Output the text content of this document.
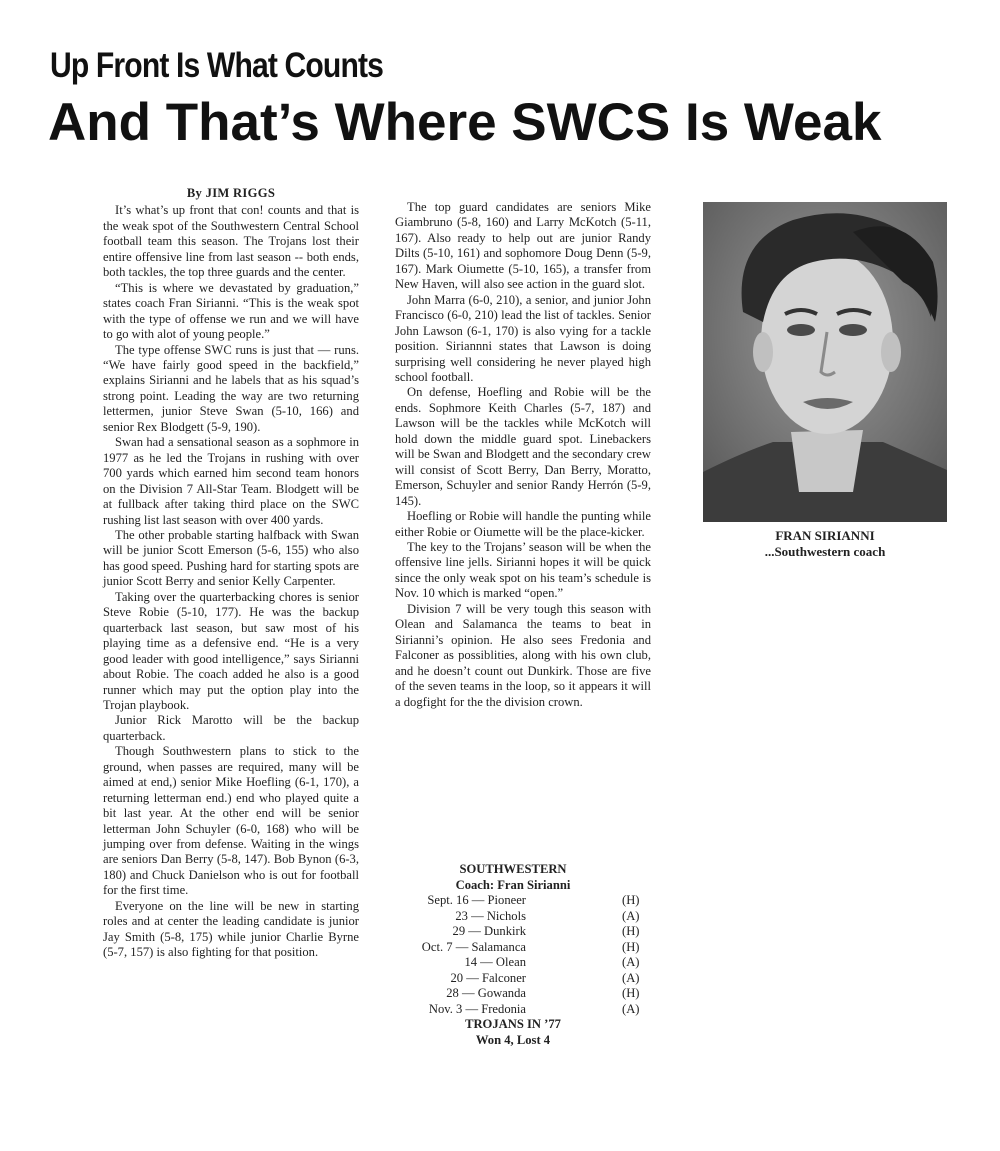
Up Front Is What Counts
And That’s Where SWCS Is Weak
By JIM RIGGS

It’s what’s up front that con! counts and that is the weak spot of the Southwestern Central School football team this season. The Trojans lost their entire offensive line from last season -- both ends, both tackles, the top three guards and the center.

“This is where we devastated by graduation,” states coach Fran Sirianni. “This is the weak spot with the type of offense we run and we will have to go with alot of young people.”

The type offense SWC runs is just that — runs. “We have fairly good speed in the backfield,” explains Sirianni and he labels that as his squad’s strong point. Leading the way are two returning lettermen, junior Steve Swan (5-10, 166) and senior Rex Blodgett (5-9, 190).

Swan had a sensational season as a sophmore in 1977 as he led the Trojans in rushing with over 700 yards which earned him second team honors on the Division 7 All-Star Team. Blodgett will be at fullback after taking third place on the SWC rushing list last season with over 400 yards.

The other probable starting halfback with Swan will be junior Scott Emerson (5-6, 155) who also has good speed. Pushing hard for starting spots are junior Scott Berry and senior Kelly Carpenter.

Taking over the quarterbacking chores is senior Steve Robie (5-10, 177). He was the backup quarterback last season, but saw most of his playing time as a defensive end. “He is a very good leader with good intelligence,” says Sirianni about Robie. The coach added he also is a good runner which may put the option play into the Trojan playbook.

Junior Rick Marotto will be the backup quarterback.

Though Southwestern plans to stick to the ground, when passes are required, many will be aimed at end,) senior Mike Hoefling (6-1, 170), a returning letterman end.) end who played quite a bit last year. At the other end will be senior letterman John Schuyler (6-0, 168) who will be jumping over from defense. Waiting in the wings are seniors Dan Berry (5-8, 147). Bob Bynon (6-3, 180) and Chuck Danielson who is out for football for the first time.

Everyone on the line will be new in starting roles and at center the leading candidate is junior Jay Smith (5-8, 175) while junior Charlie Byrne (5-7, 157) is also fighting for that position.

The top guard candidates are seniors Mike Giambruno (5-8, 160) and Larry McKotch (5-11, 167). Also ready to help out are junior Randy Dilts (5-10, 161) and sophomore Doug Denn (5-9, 167). Mark Oiumette (5-10, 165), a transfer from New Haven, will also see action in the guard slot.

John Marra (6-0, 210), a senior, and junior John Francisco (6-0, 210) lead the list of tackles. Senior John Lawson (6-1, 170) is also vying for a tackle position. Siriannni states that Lawson is doing surprising well considering he never played high school football.

On defense, Hoefling and Robie will be the ends. Sophmore Keith Charles (5-7, 187) and Lawson will be the tackles while McKotch will hold down the middle guard spot. Linebackers will be Swan and Blodgett and the secondary crew will consist of Scott Berry, Dan Berry, Moratto, Emerson, Schuyler and senior Randy Herrón (5-9, 145).

Hoefling or Robie will handle the punting while either Robie or Oiumette will be the place-kicker.

The key to the Trojans’ season will be when the offensive line jells. Sirianni hopes it will be quick since the only weak spot on his team’s schedule is Nov. 10 which is marked “open.”

Division 7 will be very tough this season with Olean and Salamanca the teams to beat in Sirianni’s opinion. He also sees Fredonia and Falconer as possiblities, along with his own club, and he doesn’t count out Dunkirk. Those are five of the seven teams in the loop, so it appears it will a dogfight for the the division crown.

FRAN SIRIANNI
...Southwestern coach
SOUTHWESTERN
Coach: Fran Sirianni
Sept. 16 — Pioneer	(H)
23 — Nichols	(A)
29 — Dunkirk	(H)
Oct. 7 — Salamanca	(H)
14 — Olean	(A)
20 — Falconer	(A)
28 — Gowanda	(H)
Nov. 3 — Fredonia	(A)
TROJANS IN ’77
Won 4, Lost 4
